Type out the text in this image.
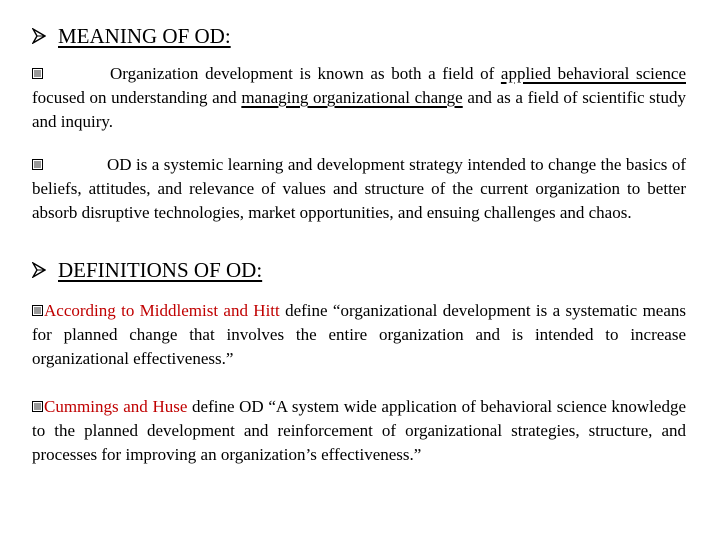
MEANING OF OD:

Organization development is known as both a field of applied behavioral science focused on understanding and managing organizational change and as a field of scientific study and inquiry.

OD is a systemic learning and development strategy intended to change the basics of beliefs, attitudes, and relevance of values and structure of the current organization to better absorb disruptive technologies, market opportunities, and ensuing challenges and chaos.

DEFINITIONS OF OD:

According to Middlemist and Hitt define “organizational development is a systematic means for planned change that involves the entire organization and is intended to increase organizational effectiveness.”

Cummings and Huse define OD “A system wide application of behavioral science knowledge to the planned development and reinforcement of organizational strategies, structure, and processes for improving an organization’s effectiveness.”
